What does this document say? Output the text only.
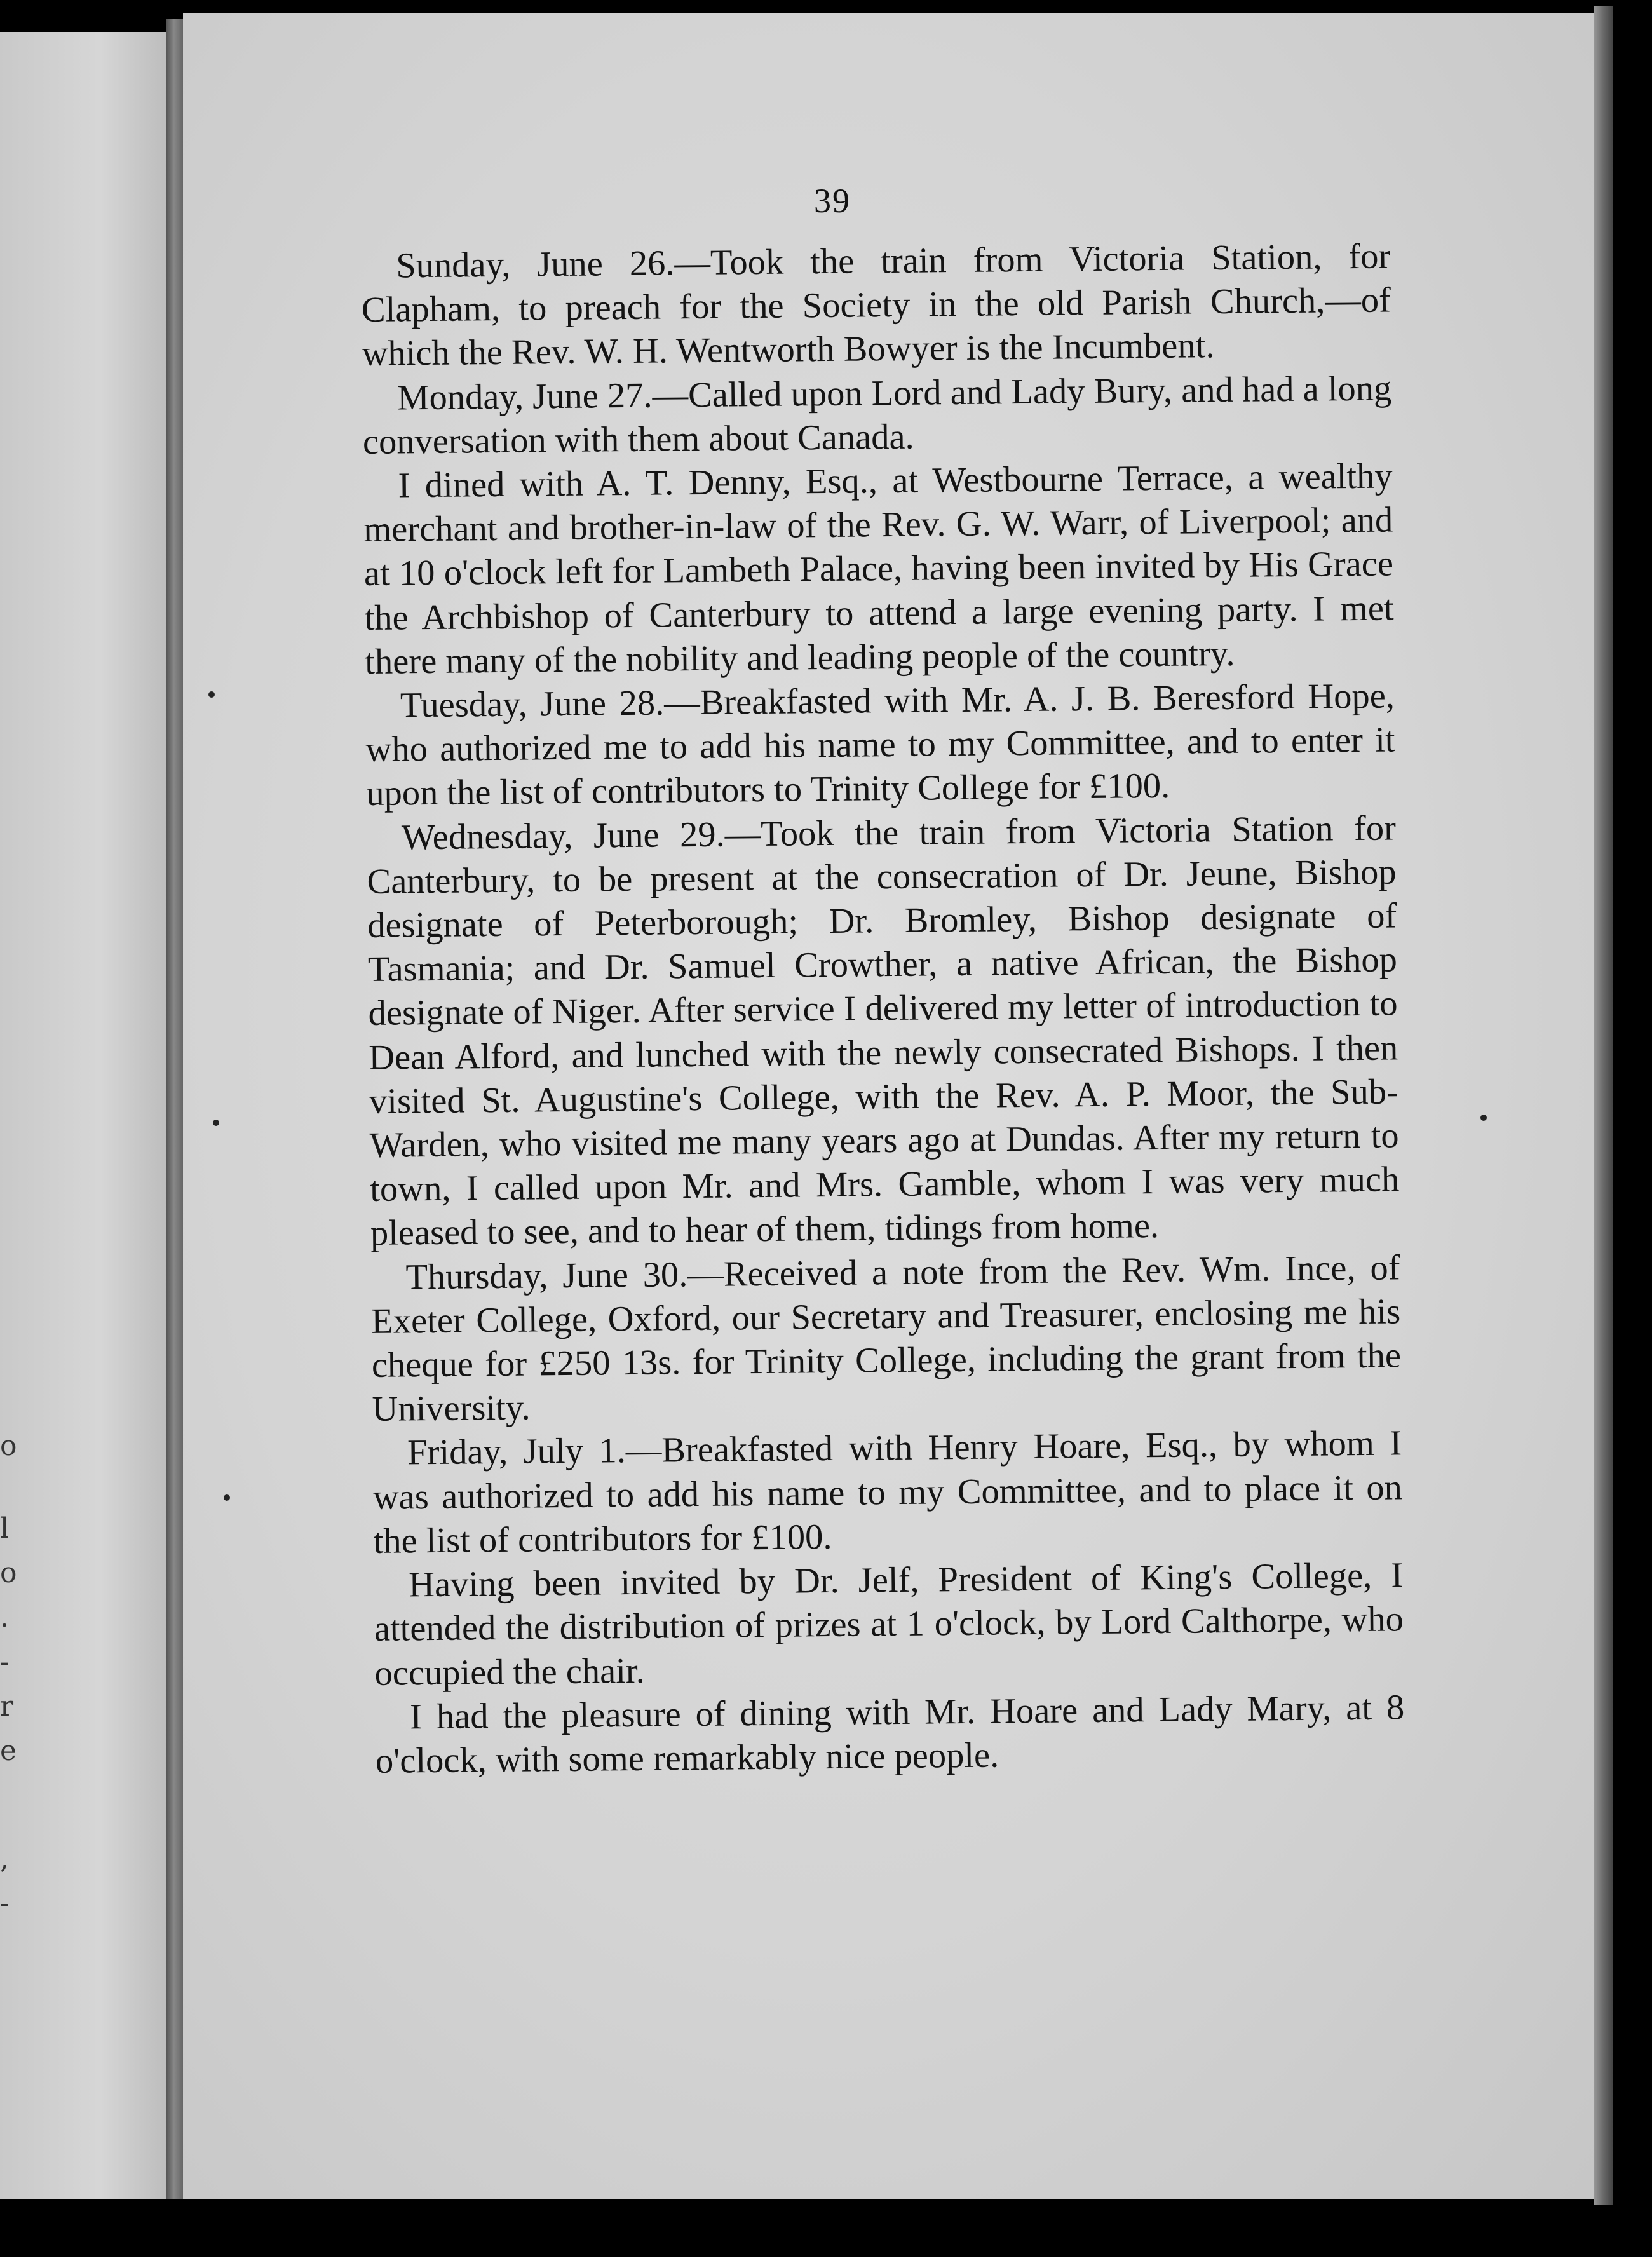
o
l
o
.
-
r
e
,
-
39

Sunday, June 26.—Took the train from Victoria Station, for Clapham, to preach for the Society in the old Parish Church,—of which the Rev. W. H. Wentworth Bowyer is the Incumbent.

Monday, June 27.—Called upon Lord and Lady Bury, and had a long conversation with them about Canada.

I dined with A. T. Denny, Esq., at Westbourne Terrace, a wealthy merchant and brother-in-law of the Rev. G. W. Warr, of Liverpool; and at 10 o'clock left for Lambeth Palace, having been invited by His Grace the Archbishop of Canterbury to attend a large evening party. I met there many of the nobility and leading people of the country.

Tuesday, June 28.—Breakfasted with Mr. A. J. B. Beresford Hope, who authorized me to add his name to my Committee, and to enter it upon the list of contributors to Trinity College for £100.

Wednesday, June 29.—Took the train from Victoria Station for Canterbury, to be present at the consecration of Dr. Jeune, Bishop designate of Peterborough; Dr. Bromley, Bishop designate of Tasmania; and Dr. Samuel Crowther, a native African, the Bishop designate of Niger. After service I delivered my letter of introduction to Dean Alford, and lunched with the newly consecrated Bishops. I then visited St. Augustine's College, with the Rev. A. P. Moor, the Sub-Warden, who visited me many years ago at Dundas. After my return to town, I called upon Mr. and Mrs. Gamble, whom I was very much pleased to see, and to hear of them, tidings from home.

Thursday, June 30.—Received a note from the Rev. Wm. Ince, of Exeter College, Oxford, our Secretary and Treasurer, enclosing me his cheque for £250 13s. for Trinity College, including the grant from the University.

Friday, July 1.—Breakfasted with Henry Hoare, Esq., by whom I was authorized to add his name to my Committee, and to place it on the list of contributors for £100.

Having been invited by Dr. Jelf, President of King's College, I attended the distribution of prizes at 1 o'clock, by Lord Calthorpe, who occupied the chair.

I had the pleasure of dining with Mr. Hoare and Lady Mary, at 8 o'clock, with some remarkably nice people.
